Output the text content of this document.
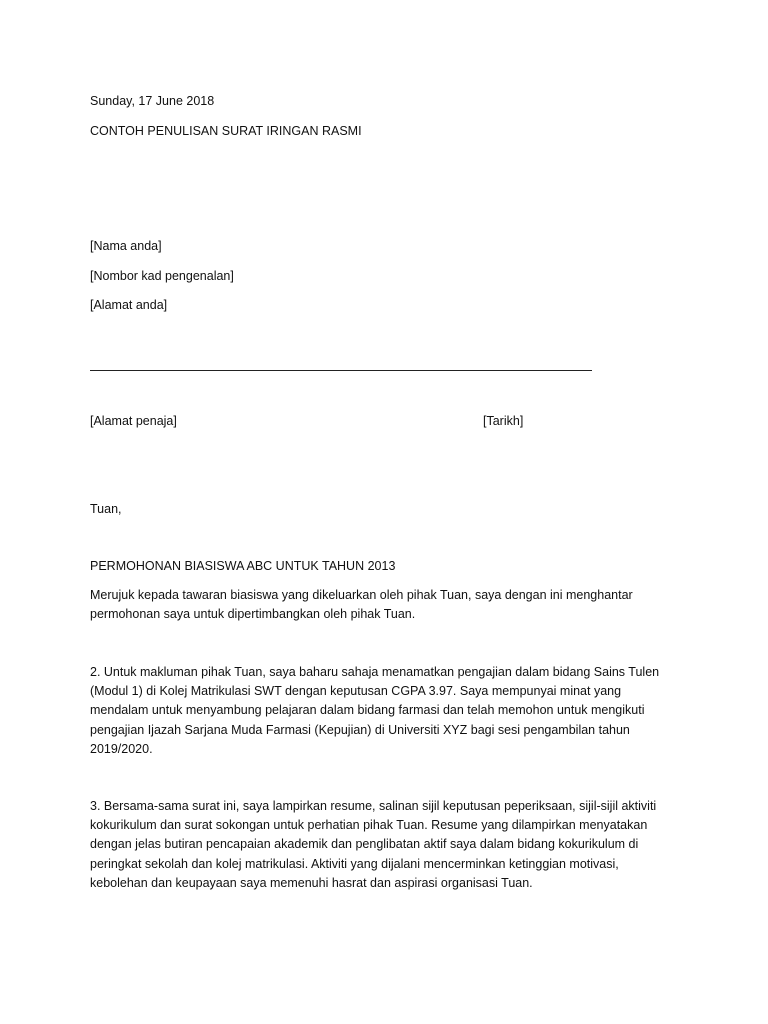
Sunday, 17 June 2018
CONTOH PENULISAN SURAT IRINGAN RASMI
[Nama anda]
[Nombor kad pengenalan]
[Alamat anda]
[Alamat penaja]	[Tarikh]
Tuan,
PERMOHONAN BIASISWA ABC UNTUK TAHUN 2013
Merujuk kepada tawaran biasiswa yang dikeluarkan oleh pihak Tuan, saya dengan ini menghantar
permohonan saya untuk dipertimbangkan oleh pihak Tuan.
2. Untuk makluman pihak Tuan, saya baharu sahaja menamatkan pengajian dalam bidang Sains Tulen
(Modul 1) di Kolej Matrikulasi SWT dengan keputusan CGPA 3.97. Saya mempunyai minat yang
mendalam untuk menyambung pelajaran dalam bidang farmasi dan telah memohon untuk mengikuti
pengajian Ijazah Sarjana Muda Farmasi (Kepujian) di Universiti XYZ bagi sesi pengambilan tahun
2019/2020.
3. Bersama-sama surat ini, saya lampirkan resume, salinan sijil keputusan peperiksaan, sijil-sijil aktiviti
kokurikulum dan surat sokongan untuk perhatian pihak Tuan. Resume yang dilampirkan menyatakan
dengan jelas butiran pencapaian akademik dan penglibatan aktif saya dalam bidang kokurikulum di
peringkat sekolah dan kolej matrikulasi. Aktiviti yang dijalani mencerminkan ketinggian motivasi,
kebolehan dan keupayaan saya memenuhi hasrat dan aspirasi organisasi Tuan.
